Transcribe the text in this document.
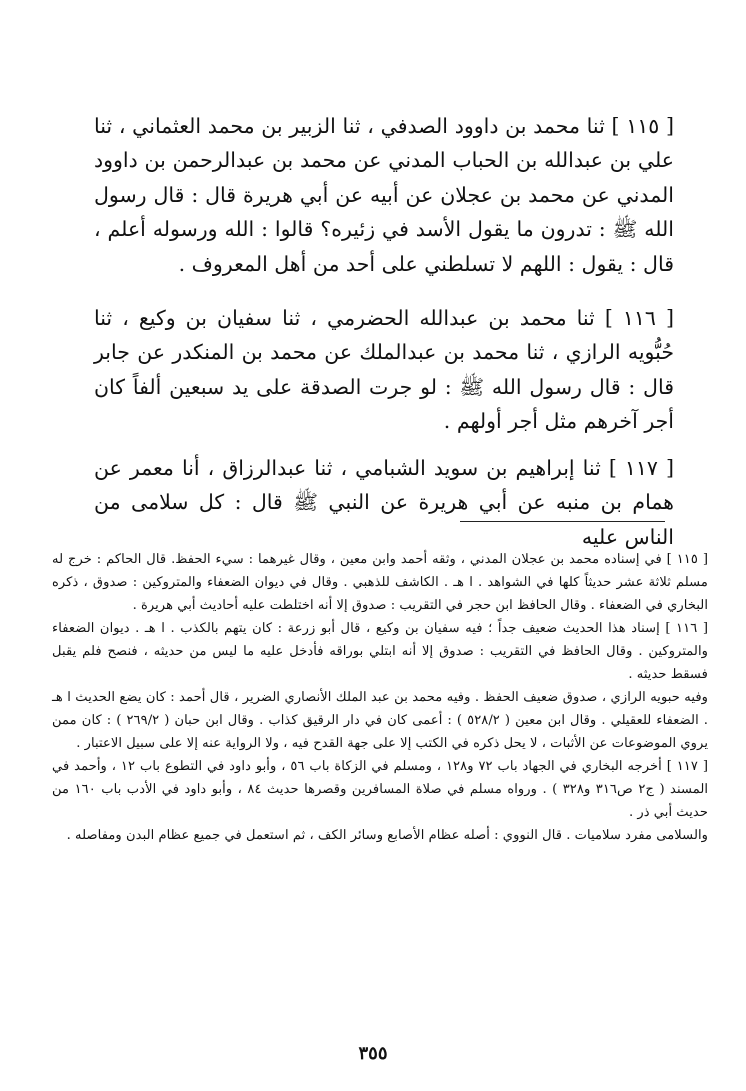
[ ١١٥ ] ثنا محمد بن داوود الصدفي ، ثنا الزبير بن محمد العثماني ، ثنا علي بن عبدالله بن الحباب المدني عن محمد بن عبدالرحمن بن داوود المدني عن محمد بن عجلان عن أبيه عن أبي هريرة قال : قال رسول الله ﷺ : تدرون ما يقول الأسد في زئيره؟ قالوا : الله ورسوله أعلم ، قال : يقول : اللهم لا تسلطني على أحد من أهل المعروف .

[ ١١٦ ] ثنا محمد بن عبدالله الحضرمي ، ثنا سفيان بن وكيع ، ثنا حُبُّويه الرازي ، ثنا محمد بن عبدالملك عن محمد بن المنكدر عن جابر قال : قال رسول الله ﷺ : لو جرت الصدقة على يد سبعين ألفاً كان أجر آخرهم مثل أجر أولهم .

[ ١١٧ ] ثنا إبراهيم بن سويد الشبامي ، ثنا عبدالرزاق ، أنا معمر عن همام بن منبه عن أبي هريرة عن النبي ﷺ قال : كل سلامى من الناس عليه

[ ١١٥ ] في إسناده محمد بن عجلان المدني ، وثقه أحمد وابن معين ، وقال غيرهما : سيء الحفظ. قال الحاكم : خرج له مسلم ثلاثة عشر حديثاً كلها في الشواهد . ا هـ . الكاشف للذهبي . وقال في ديوان الضعفاء والمتروكين : صدوق ، ذكره البخاري في الضعفاء . وقال الحافظ ابن حجر في التقريب : صدوق إلا أنه اختلطت عليه أحاديث أبي هريرة .

[ ١١٦ ] إسناد هذا الحديث ضعيف جداً ؛ فيه سفيان بن وكيع ، قال أبو زرعة : كان يتهم بالكذب . ا هـ . ديوان الضعفاء والمتروكين . وقال الحافظ في التقريب : صدوق إلا أنه ابتلي بوراقه فأدخل عليه ما ليس من حديثه ، فنصح فلم يقبل فسقط حديثه .

وفيه حبويه الرازي ، صدوق ضعيف الحفظ . وفيه محمد بن عبد الملك الأنصاري الضرير ، قال أحمد : كان يضع الحديث ا هـ . الضعفاء للعقيلي . وقال ابن معين ( ٥٢٨/٢ ) : أعمى كان في دار الرقيق كذاب . وقال ابن حبان ( ٢٦٩/٢ ) : كان ممن يروي الموضوعات عن الأثبات ، لا يحل ذكره في الكتب إلا على جهة القدح فيه ، ولا الرواية عنه إلا على سبيل الاعتبار .

[ ١١٧ ] أخرجه البخاري في الجهاد باب ٧٢ و١٢٨ ، ومسلم في الزكاة باب ٥٦ ، وأبو داود في التطوع باب ١٢ ، وأحمد في المسند ( ج٢ ص٣١٦ و٣٢٨ ) . ورواه مسلم في صلاة المسافرين وقصرها حديث ٨٤ ، وأبو داود في الأدب باب ١٦٠ من حديث أبي ذر .

والسلامى مفرد سلاميات . قال النووي : أصله عظام الأصابع وسائر الكف ، ثم استعمل في جميع عظام البدن ومفاصله .

٣٥٥
